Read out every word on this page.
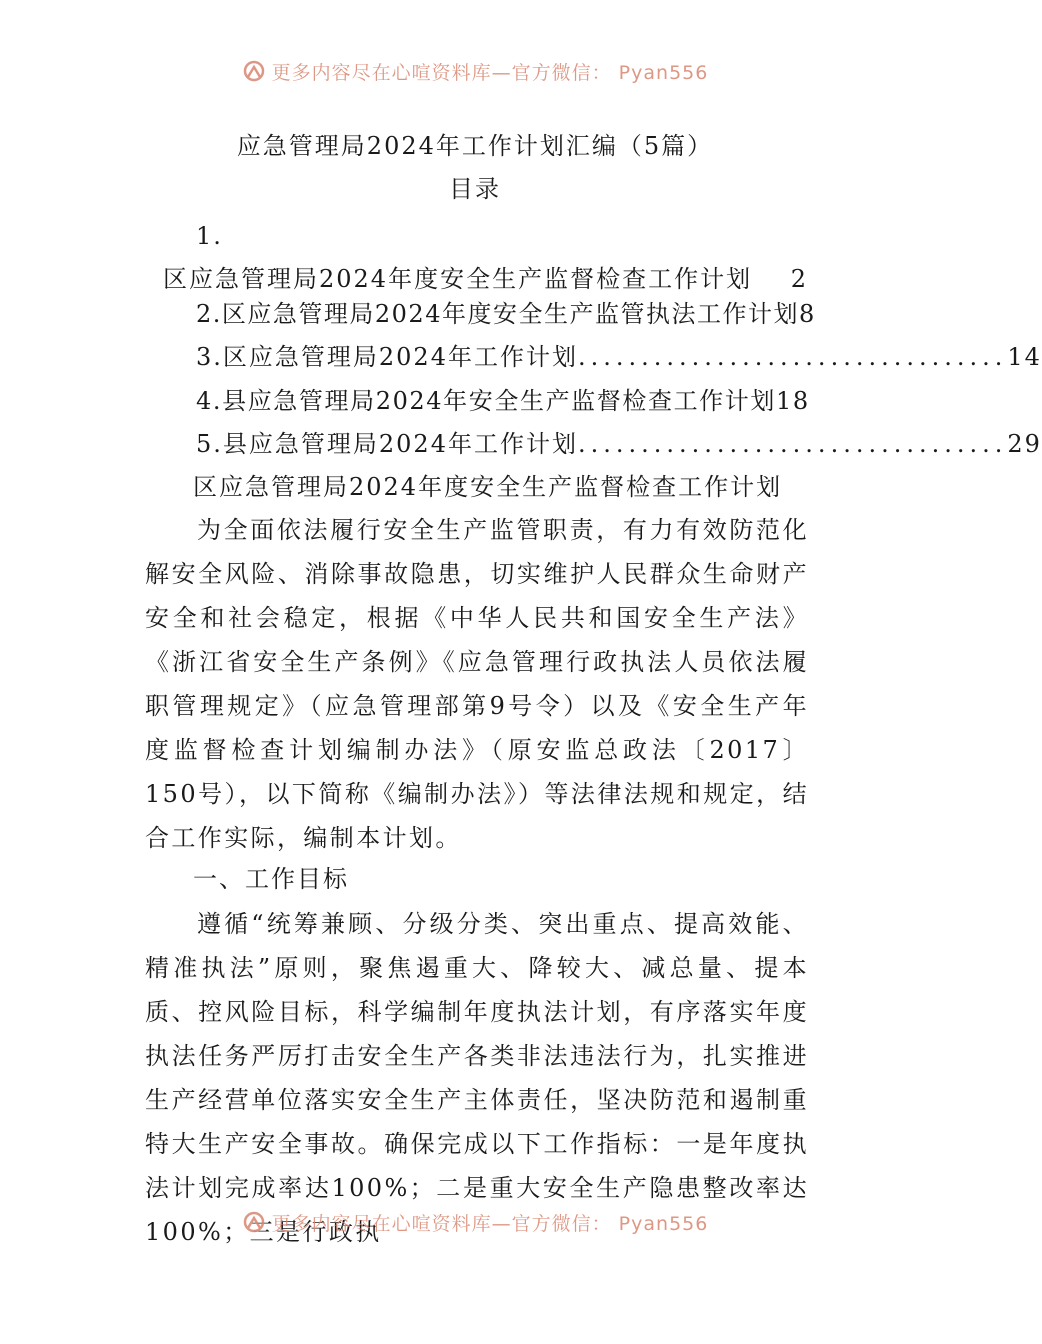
更多内容尽在心喧资料库—官方微信： Pyan556
应急管理局2024年工作计划汇编（5篇）
目录
1.
区应急管理局2024年度安全生产监督检查工作计划
2
2.区应急管理局2024年度安全生产监管执法工作计划 8
3.区应急管理局2024年工作计划 .................................. 14
4.县应急管理局2024年安全生产监督检查工作计划 18
5.县应急管理局2024年工作计划 .................................. 29
区应急管理局2024年度安全生产监督检查工作计划
为全面依法履行安全生产监管职责，有力有效防范化解安全风险、消除事故隐患，切实维护人民群众生命财产安全和社会稳定，根据《中华人民共和国安全生产法》《浙江省安全生产条例》《应急管理行政执法人员依法履职管理规定》（应急管理部第9号令）以及《安全生产年度监督检查计划编制办法》（原安监总政法〔2017〕150号），以下简称《编制办法》）等法律法规和规定，结合工作实际，编制本计划。
一、工作目标
遵循“统筹兼顾、分级分类、突出重点、提高效能、精准执法”原则，聚焦遏重大、降较大、减总量、提本质、控风险目标，科学编制年度执法计划，有序落实年度执法任务严厉打击安全生产各类非法违法行为，扎实推进生产经营单位落实安全生产主体责任，坚决防范和遏制重特大生产安全事故。确保完成以下工作指标：一是年度执法计划完成率达100%；二是重大安全生产隐患整改率达100%；三是行政执
更多内容尽在心喧资料库—官方微信： Pyan556
